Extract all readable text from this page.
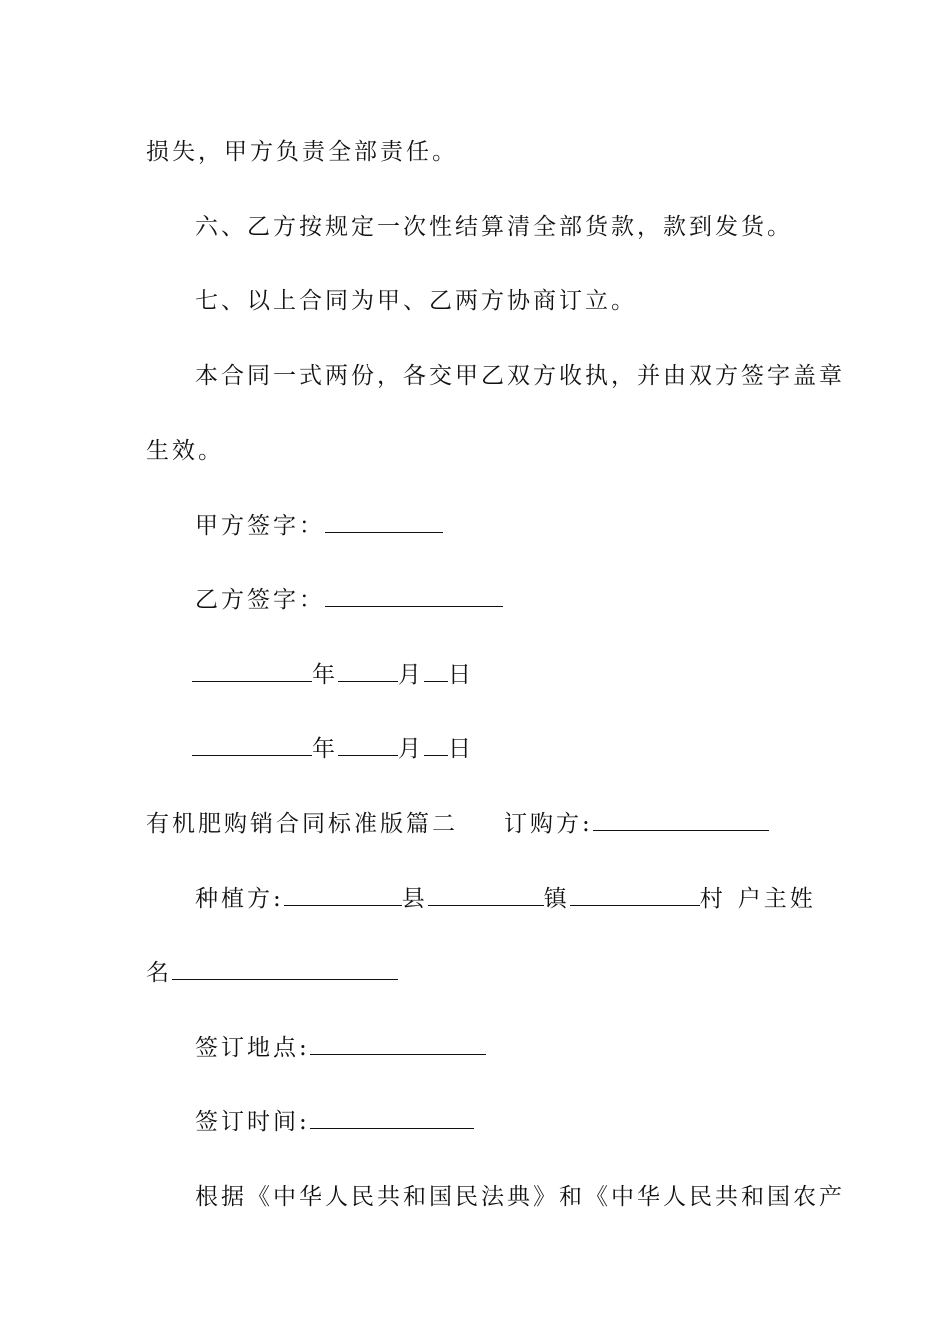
损失，甲方负责全部责任。
六、乙方按规定一次性结算清全部货款，款到发货。
七、以上合同为甲、乙两方协商订立。
本合同一式两份，各交甲乙双方收执，并由双方签字盖章
生效。
甲方签字：
乙方签字：
年	月 日
年	月 日
有机肥购销合同标准版篇二 订购方:
种植方:	县	镇	村 户主姓
名
签订地点:
签订时间:
根据《中华人民共和国民法典》和《中华人民共和国农产
